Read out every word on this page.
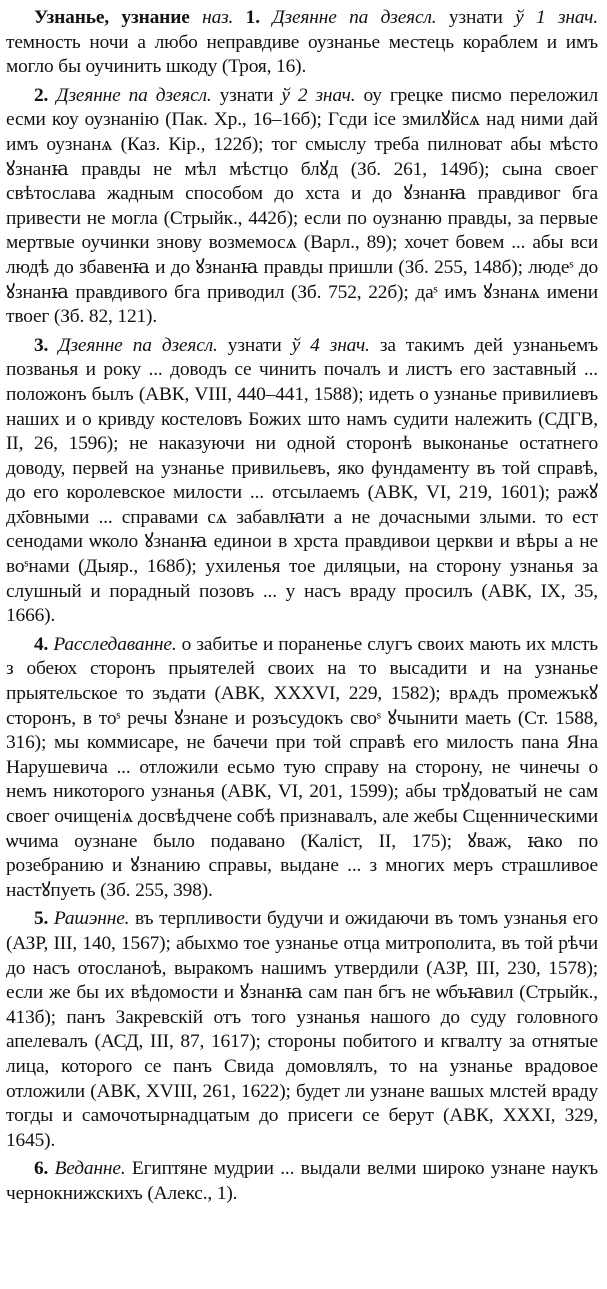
Узнанье, узнание наз. 1. Дзеянне па дзеясл. узнати ў 1 знач. темность ночи а любо неправдиве оузнанье местець кораблем и имъ могло бы оучинить шкоду (Троя, 16).

2. Дзеянне па дзеясл. узнати ў 2 знач. оу грецке писмо переложил есми коу оузнанію (Пак. Хр., 16–16б); Гсди ісе змилꙋйсѧ над ними дай имъ оузнанѧ (Каз. Кір., 122б); тог смыслу требa пилноват абы мѣсто ꙋзнанꙗ правды не мѣл мѣстцо блꙋд (Зб. 261, 149б); сына своег свѣтослава жадным способом до хста и до ꙋзнанꙗ правдивог бга привести не могла (Стрыйк., 442б); если по оузнаню правды, за первые мертвые оучинки знову возмемосѧ (Варл., 89); хочет бовем ... абы вси людѣ до збавенꙗ и до ꙋзнанꙗ правды пришли (Зб. 255, 148б); людеˢ до ꙋзнанꙗ правдивого бга приводил (Зб. 752, 22б); даˢ имъ ꙋзнанѧ имени твоег (Зб. 82, 121).

3. Дзеянне па дзеясл. узнати ў 4 знач. за такимъ дей узнаньемъ позванья и року ... доводъ се чинить почалъ и листъ его заставный ... положонъ былъ (АВК, VIII, 440–441, 1588); идеть о узнанье привилиевъ наших и о кривду костеловъ Божих што намъ судити належить (СДГВ, II, 26, 1596); не наказуючи ни одной сторонѣ выконанье остатнего доводу, первей на узнанье привильевъ, яко фундаменту въ той справѣ, до его королевское милости ... отсылаемъ (АВК, VI, 219, 1601); ражꙋ дх҃овными ... справами сѧ забавлꙗти а не дочасными злыми. то ест сенодами ѡколо ꙋзнанꙗ единои в хрста правдивои церкви и вѣры а не воˢнами (Дыяр., 168б); ухиленья тое диляцыи, на сторону узнанья за слушный и порадный позовъ ... у насъ враду просилъ (АВК, IX, 35, 1666).

4. Расследаванне. о забитье и пораненье слугъ своих мають их млсть з обеюх сторонъ прыятелей своих на то высадити и на узнанье прыятельское то зъдати (АВК, XXXVI, 229, 1582); врѧдъ промежъкꙋ сторонъ, в тоˢ речы ꙋзнане и розъсудокъ своˢ ꙋчынити маеть (Ст. 1588, 316); мы коммисаре, не бачечи при той справѣ его милость пана Яна Нарушевича ... отложили есьмо тую справу на сторону, не чинечы о немъ никоторого узнанья (АВК, VI, 201, 1599); абы трꙋдоватый не сам своег очищенiѧ досвѣдчене собѣ признавалъ, але жебы Сщенническими ѡчима оузнане было подавано (Каліст, II, 175); ꙋваж, ꙗко по розебранию и ꙋзнанию справы, выдане ... з многих меръ страшливое настꙋпуеть (Зб. 255, 398).

5. Рашэнне. въ терпливости будучи и ожидаючи въ томъ узнанья его (АЗР, III, 140, 1567); абыхмо тое узнанье отца митрополита, въ той рѣчи до насъ отосланоѣ, выракомъ нашимъ утвердили (АЗР, III, 230, 1578); если же бы их вѣдомости и ꙋзнанꙗ сам пан бгъ не ѡбъꙗвил (Стрыйк., 413б); панъ Закревскій отъ того узнанья нашого до суду головного апелевалъ (АСД, III, 87, 1617); стороны побитого и кгвалту за отнятые лица, которого се панъ Свида домовлялъ, то на узнанье врадовое отложили (АВК, XVIII, 261, 1622); будет ли узнане вашых млстей враду тогды и самочотырнадцатым до присеги се берут (АВК, XXXI, 329, 1645).

6. Веданне. Египтяне мудрии ... выдали велми широко узнане наукъ чернокнижскихъ (Алекс., 1).
